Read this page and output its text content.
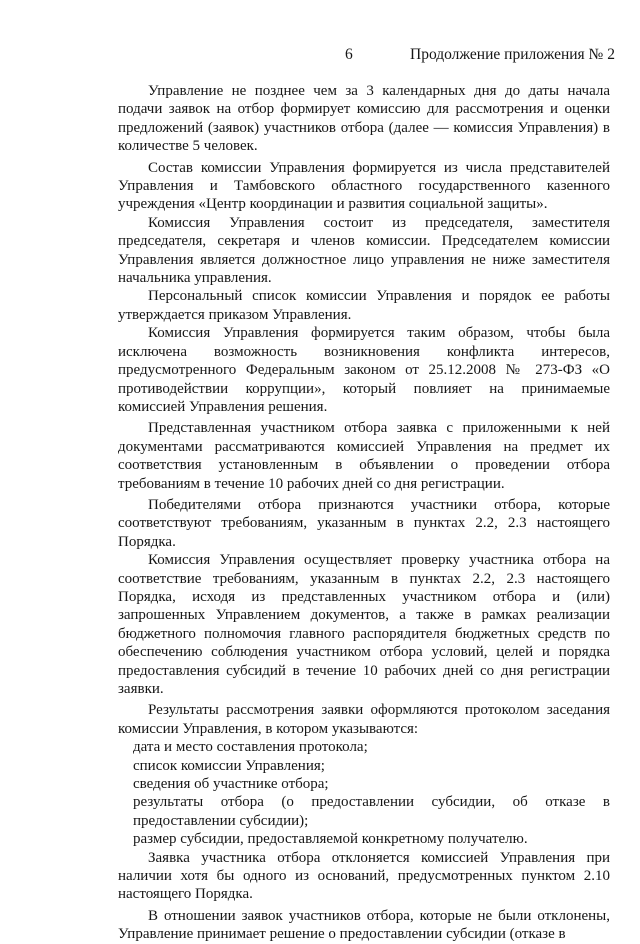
6	Продолжение приложения № 2

Управление не позднее чем за 3 календарных дня до даты начала подачи заявок на отбор формирует комиссию для рассмотрения и оценки предложений (заявок) участников отбора (далее — комиссия Управления) в количестве 5 человек.

Состав комиссии Управления формируется из числа представителей Управления и Тамбовского областного государственного казенного учреждения «Центр координации и развития социальной защиты».

Комиссия Управления состоит из председателя, заместителя председателя, секретаря и членов комиссии. Председателем комиссии Управления является должностное лицо управления не ниже заместителя начальника управления.

Персональный список комиссии Управления и порядок ее работы утверждается приказом Управления.

Комиссия Управления формируется таким образом, чтобы была исключена возможность возникновения конфликта интересов, предусмотренного Федеральным законом от 25.12.2008 № 273-ФЗ «О противодействии коррупции», который повлияет на принимаемые комиссией Управления решения.

Представленная участником отбора заявка с приложенными к ней документами рассматриваются комиссией Управления на предмет их соответствия установленным в объявлении о проведении отбора требованиям в течение 10 рабочих дней со дня регистрации.

Победителями отбора признаются участники отбора, которые соответствуют требованиям, указанным в пунктах 2.2, 2.3 настоящего Порядка.

Комиссия Управления осуществляет проверку участника отбора на соответствие требованиям, указанным в пунктах 2.2, 2.3 настоящего Порядка, исходя из представленных участником отбора и (или) запрошенных Управлением документов, а также в рамках реализации бюджетного полномочия главного распорядителя бюджетных средств по обеспечению соблюдения участником отбора условий, целей и порядка предоставления субсидий в течение 10 рабочих дней со дня регистрации заявки.

Результаты рассмотрения заявки оформляются протоколом заседания комиссии Управления, в котором указываются:

дата и место составления протокола;

список комиссии Управления;

сведения об участнике отбора;

результаты отбора (о предоставлении субсидии, об отказе в предоставлении субсидии);

размер субсидии, предоставляемой конкретному получателю.

Заявка участника отбора отклоняется комиссией Управления при наличии хотя бы одного из оснований, предусмотренных пунктом 2.10 настоящего Порядка.

В отношении заявок участников отбора, которые не были отклонены, Управление принимает решение о предоставлении субсидии (отказе в
